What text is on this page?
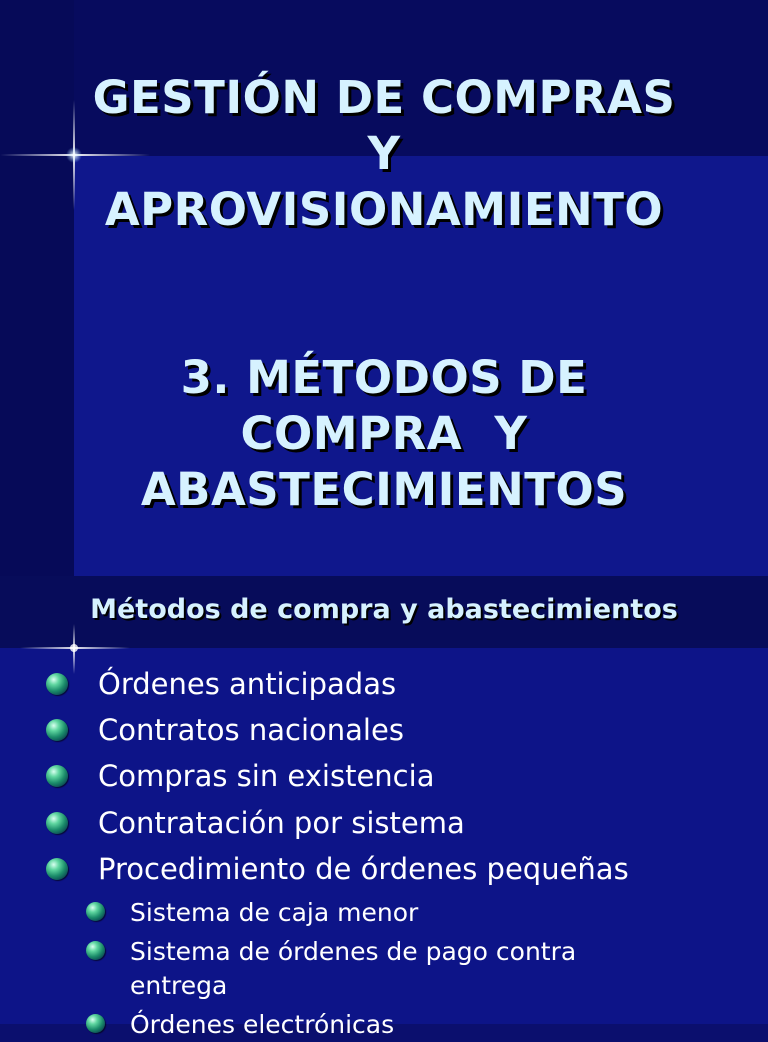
GESTIÓN DE COMPRAS
Y
APROVISIONAMIENTO
3. MÉTODOS DE
COMPRA  Y
ABASTECIMIENTOS
Métodos de compra y abastecimientos
Órdenes anticipadas
Contratos nacionales
Compras sin existencia
Contratación por sistema
Procedimiento de órdenes pequeñas
Sistema de caja menor
Sistema de órdenes de pago contra
entrega
Órdenes electrónicas
